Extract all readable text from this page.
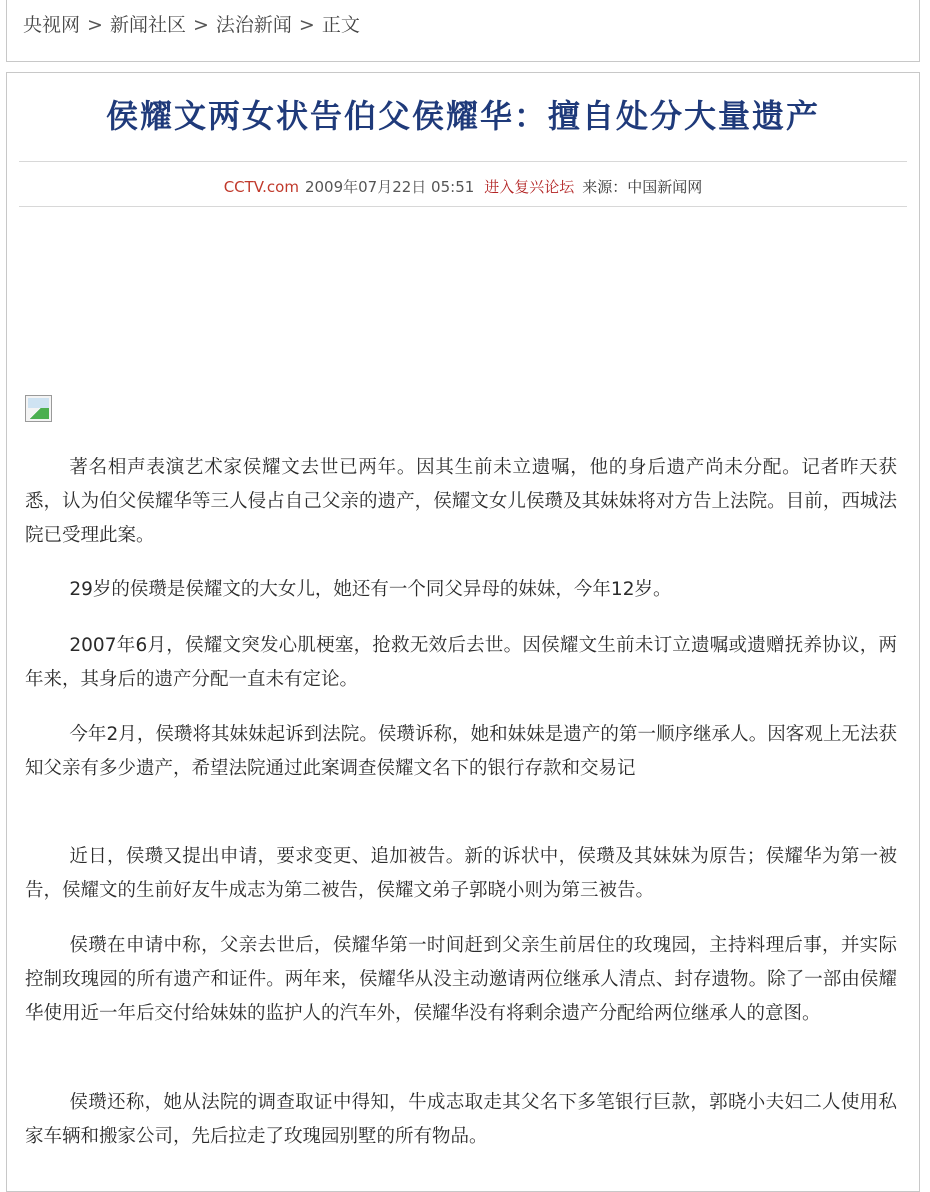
央视网 > 新闻社区 > 法治新闻 > 正文
侯耀文两女状告伯父侯耀华：擅自处分大量遗产
CCTV.com 2009年07月22日 05:51 进入复兴论坛 来源：中国新闻网

著名相声表演艺术家侯耀文去世已两年。因其生前未立遗嘱，他的身后遗产尚未分配。记者昨天获悉，认为伯父侯耀华等三人侵占自己父亲的遗产，侯耀文女儿侯瓒及其妹妹将对方告上法院。目前，西城法院已受理此案。

29岁的侯瓒是侯耀文的大女儿，她还有一个同父异母的妹妹，今年12岁。

2007年6月，侯耀文突发心肌梗塞，抢救无效后去世。因侯耀文生前未订立遗嘱或遗赠抚养协议，两年来，其身后的遗产分配一直未有定论。

今年2月，侯瓒将其妹妹起诉到法院。侯瓒诉称，她和妹妹是遗产的第一顺序继承人。因客观上无法获知父亲有多少遗产，希望法院通过此案调查侯耀文名下的银行存款和交易记

近日，侯瓒又提出申请，要求变更、追加被告。新的诉状中，侯瓒及其妹妹为原告；侯耀华为第一被告，侯耀文的生前好友牛成志为第二被告，侯耀文弟子郭晓小则为第三被告。

侯瓒在申请中称，父亲去世后，侯耀华第一时间赶到父亲生前居住的玫瑰园，主持料理后事，并实际控制玫瑰园的所有遗产和证件。两年来，侯耀华从没主动邀请两位继承人清点、封存遗物。除了一部由侯耀华使用近一年后交付给妹妹的监护人的汽车外，侯耀华没有将剩余遗产分配给两位继承人的意图。

侯瓒还称，她从法院的调查取证中得知，牛成志取走其父名下多笔银行巨款，郭晓小夫妇二人使用私家车辆和搬家公司，先后拉走了玫瑰园别墅的所有物品。
